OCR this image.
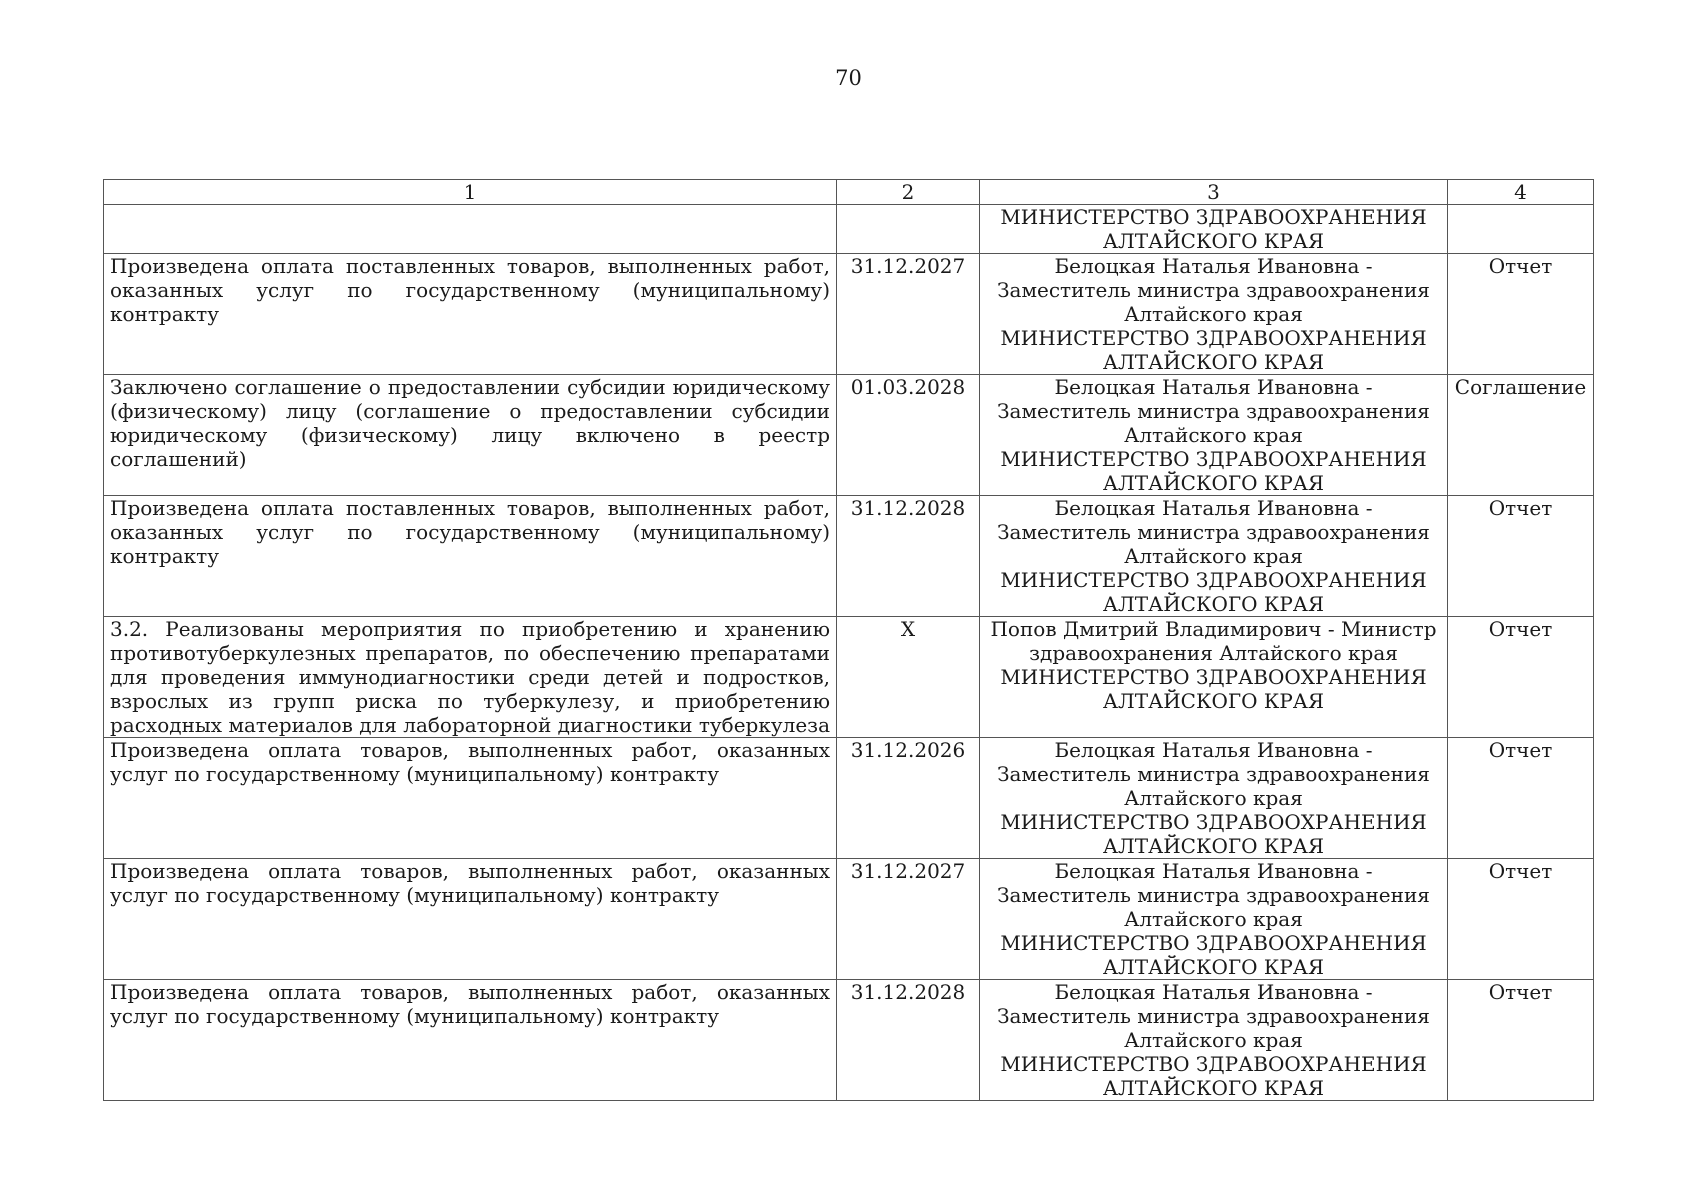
70
1	2	3	4

		МИНИСТЕРСТВО ЗДРАВООХРАНЕНИЯ АЛТАЙСКОГО КРАЯ	

Произведена оплата поставленных товаров, выполненных работ, оказанных услуг по государственному (муниципальному) контракту	31.12.2027	Белоцкая Наталья Ивановна - Заместитель министра здравоохранения Алтайского края
МИНИСТЕРСТВО ЗДРАВООХРАНЕНИЯ АЛТАЙСКОГО КРАЯ	Отчет
Заключено соглашение о предоставлении субсидии юридическому (физическому) лицу (соглашение о предоставлении субсидии юридическому (физическому) лицу включено в реестр соглашений)	01.03.2028	Белоцкая Наталья Ивановна - Заместитель министра здравоохранения Алтайского края
МИНИСТЕРСТВО ЗДРАВООХРАНЕНИЯ АЛТАЙСКОГО КРАЯ	Соглашение
Произведена оплата поставленных товаров, выполненных работ, оказанных услуг по государственному (муниципальному) контракту	31.12.2028	Белоцкая Наталья Ивановна - Заместитель министра здравоохранения Алтайского края
МИНИСТЕРСТВО ЗДРАВООХРАНЕНИЯ АЛТАЙСКОГО КРАЯ	Отчет
3.2. Реализованы мероприятия по приобретению и хранению противотуберкулезных препаратов, по обеспечению препаратами для проведения иммунодиагностики среди детей и подростков, взрослых из групп риска по туберкулезу, и приобретению расходных материалов для лабораторной диагностики туберкулеза	X	Попов Дмитрий Владимирович - Министр здравоохранения Алтайского края
МИНИСТЕРСТВО ЗДРАВООХРАНЕНИЯ АЛТАЙСКОГО КРАЯ	Отчет
Произведена оплата товаров, выполненных работ, оказанных услуг по государственному (муниципальному) контракту	31.12.2026	Белоцкая Наталья Ивановна - Заместитель министра здравоохранения Алтайского края
МИНИСТЕРСТВО ЗДРАВООХРАНЕНИЯ АЛТАЙСКОГО КРАЯ	Отчет
Произведена оплата товаров, выполненных работ, оказанных услуг по государственному (муниципальному) контракту	31.12.2027	Белоцкая Наталья Ивановна - Заместитель министра здравоохранения Алтайского края
МИНИСТЕРСТВО ЗДРАВООХРАНЕНИЯ АЛТАЙСКОГО КРАЯ	Отчет
Произведена оплата товаров, выполненных работ, оказанных услуг по государственному (муниципальному) контракту	31.12.2028	Белоцкая Наталья Ивановна - Заместитель министра здравоохранения Алтайского края
МИНИСТЕРСТВО ЗДРАВООХРАНЕНИЯ АЛТАЙСКОГО КРАЯ	Отчет
